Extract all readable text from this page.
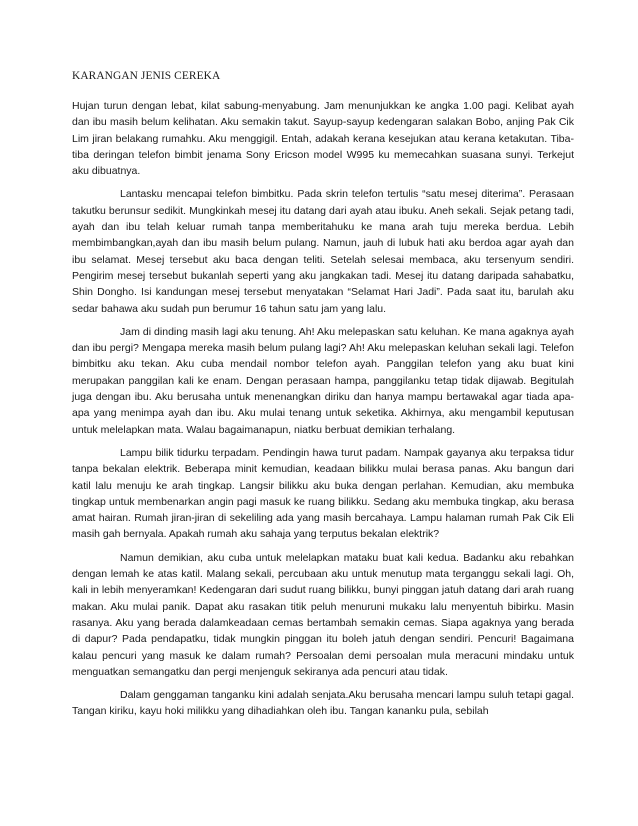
KARANGAN JENIS CEREKA

Hujan turun dengan lebat, kilat sabung-menyabung. Jam menunjukkan ke angka 1.00 pagi. Kelibat ayah dan ibu masih belum kelihatan. Aku semakin takut. Sayup-sayup kedengaran salakan Bobo, anjing Pak Cik Lim jiran belakang rumahku. Aku menggigil. Entah, adakah kerana kesejukan atau kerana ketakutan. Tiba-tiba deringan telefon bimbit jenama Sony Ericson model W995 ku memecahkan suasana sunyi. Terkejut aku dibuatnya.

Lantasku mencapai telefon bimbitku. Pada skrin telefon tertulis “satu mesej diterima”. Perasaan takutku berunsur sedikit. Mungkinkah mesej itu datang dari ayah atau ibuku. Aneh sekali. Sejak petang tadi, ayah dan ibu telah keluar rumah tanpa memberitahuku ke mana arah tuju mereka berdua. Lebih membimbangkan,ayah dan ibu masih belum pulang. Namun, jauh di lubuk hati aku berdoa agar ayah dan ibu selamat. Mesej tersebut aku baca dengan teliti. Setelah selesai membaca, aku tersenyum sendiri. Pengirim mesej tersebut bukanlah seperti yang aku jangkakan tadi. Mesej itu datang daripada sahabatku, Shin Dongho. Isi kandungan mesej tersebut menyatakan “Selamat Hari Jadi”. Pada saat itu, barulah aku sedar bahawa aku sudah pun berumur 16 tahun satu jam yang lalu.

Jam di dinding masih lagi aku tenung. Ah! Aku melepaskan satu keluhan. Ke mana agaknya ayah dan ibu pergi? Mengapa mereka masih belum pulang lagi? Ah! Aku melepaskan keluhan sekali lagi. Telefon bimbitku aku tekan. Aku cuba mendail nombor telefon ayah. Panggilan telefon yang aku buat kini merupakan panggilan kali ke enam. Dengan perasaan hampa, panggilanku tetap tidak dijawab. Begitulah juga dengan ibu. Aku berusaha untuk menenangkan diriku dan hanya mampu bertawakal agar tiada apa-apa yang menimpa ayah dan ibu. Aku mulai tenang untuk seketika. Akhirnya, aku mengambil keputusan untuk melelapkan mata. Walau bagaimanapun, niatku berbuat demikian terhalang.

Lampu bilik tidurku terpadam. Pendingin hawa turut padam. Nampak gayanya aku terpaksa tidur tanpa bekalan elektrik. Beberapa minit kemudian, keadaan bilikku mulai berasa panas. Aku bangun dari katil lalu menuju ke arah tingkap. Langsir bilikku aku buka dengan perlahan. Kemudian, aku membuka tingkap untuk membenarkan angin pagi masuk ke ruang bilikku. Sedang aku membuka tingkap, aku berasa amat hairan. Rumah jiran-jiran di sekeliling ada yang masih bercahaya. Lampu halaman rumah Pak Cik Eli masih gah bernyala. Apakah rumah aku sahaja yang terputus bekalan elektrik?

Namun demikian, aku cuba untuk melelapkan mataku buat kali kedua. Badanku aku rebahkan dengan lemah ke atas katil. Malang sekali, percubaan aku untuk menutup mata terganggu sekali lagi. Oh, kali in lebih menyeramkan! Kedengaran dari sudut ruang bilikku, bunyi pinggan jatuh datang dari arah ruang makan. Aku mulai panik. Dapat aku rasakan titik peluh menuruni mukaku lalu menyentuh bibirku. Masin rasanya. Aku yang berada dalamkeadaan cemas bertambah semakin cemas. Siapa agaknya yang berada di dapur? Pada pendapatku, tidak mungkin pinggan itu boleh jatuh dengan sendiri. Pencuri! Bagaimana kalau pencuri yang masuk ke dalam rumah? Persoalan demi persoalan mula meracuni mindaku untuk menguatkan semangatku dan pergi menjenguk sekiranya ada pencuri atau tidak.

Dalam genggaman tanganku kini adalah senjata.Aku berusaha mencari lampu suluh tetapi gagal. Tangan kiriku, kayu hoki milikku yang dihadiahkan oleh ibu. Tangan kananku pula, sebilah
